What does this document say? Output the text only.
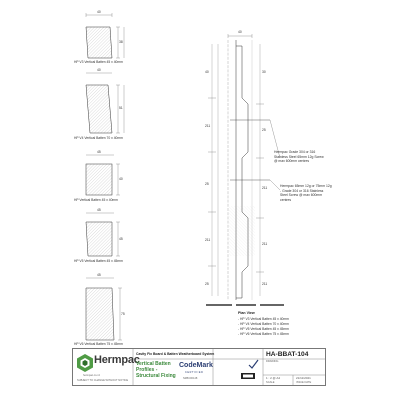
40
38
HP V3 Vertical Batten 45 x 40mm
40
51
HP V4 Vertical Batten 70 x 40mm
45
40
HP Vertical Batten 45 x 40mm
45
45
HP V5 Vertical Batten 45 x 45mm
45
75
HP V6 Vertical Batten 75 x 45mm
40
40
211
25
211
30
25
211
211
25	211
Hermpac Grade 304 or 316 Stainless Steel 65mm 12g Screw @ max 600mm centres
Hermpac 65mm 12g or 75mm 12g - Grade 304 or 316 Stainless Steel Screw @ max 600mm centres
Plan View
- HP V3 Vertical Batten 45 x 40mm
- HP V4 Vertical Batten 70 x 40mm
- HP V5 Vertical Batten 45 x 45mm
- HP V6 Vertical Batten 75 x 45mm
Hermpac
hermpac.co.nz
SUBJECT TO CHANGE WITHOUT NOTICE
Cavity Fix Board & Batten Weatherboard System
Vertical Batten Profiles - Structural Fixing
CodeMark
CERTIFIED
NZBC00148
HA-BBAT-104
DRAWING
1 : 2 @ A4
SCALE
21/11/2021
ISSUE DATE
